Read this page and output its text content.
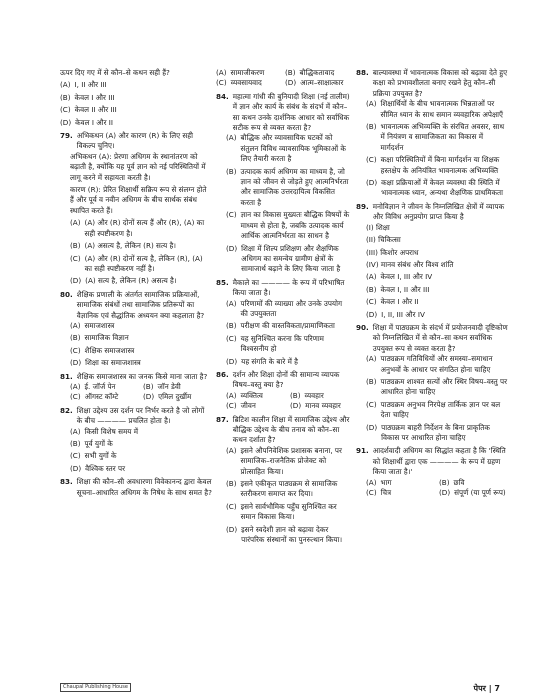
ऊपर दिए गए में से कौन–से कथन सही हैं?
(A) I, II और III
(B) केवल I और III
(C) केवल II और III
(D) केवल I और II
79. अभिकथन (A) और कारण (R) के लिए सही विकल्प चुनिए।
अभिकथन (A): प्रेरणा अधिगम के स्थानांतरण को बढ़ाती है, क्योंकि यह पूर्व ज्ञान को नई परिस्थितियों में लागू करने में सहायता करती है।
कारण (R): प्रेरित शिक्षार्थी सक्रिय रूप से संलग्न होते हैं और पूर्व व नवीन अधिगम के बीच सार्थक संबंध स्थापित करते हैं।
(A) (A) और (R) दोनों सत्य हैं और (R), (A) का सही स्पष्टीकरण है।
(B) (A) असत्य है, लेकिन (R) सत्य है।
(C) (A) और (R) दोनों सत्य है, लेकिन (R), (A) का सही स्पष्टीकरण नहीं है।
(D) (A) सत्य है, लेकिन (R) असत्य है।
80. शैक्षिक प्रणाली के अंतर्गत सामाजिक प्रक्रियाओं, सामाजिक संबंधों तथा सामाजिक प्रतिरूपों का वैज्ञानिक एवं सैद्धांतिक अध्ययन क्या कहलाता है?
(A) समाजशास्त्र
(B) सामाजिक विज्ञान
(C) शैक्षिक समाजशास्त्र
(D) शिक्षा का समाजशास्त्र
81. शैक्षिक समाजशास्त्र का जनक किसे माना जाता है?
(A) ई. जॉर्ज पेन	(B) जॉन डेवी
(C) ऑगस्ट कॉम्टे	(D) एमिल दुर्खीम
82. शिक्षा उद्देश्य उस दर्शन पर निर्भर करते है जो लोगों के बीच ———— प्रचलित होता है।
(A) किसी विशेष समय में
(B) पूर्व युगों के
(C) सभी युगों के
(D) वैश्विक स्तर पर
83. शिक्षा की कौन–सी अवधारणा विवेकानन्द द्वारा केवल सूचना–आधारित अधिगम के निषेध के साथ समत है?
(A) सामाजीकरण	(B) बौद्धिकतावाद
(C) व्यवसायवाद	(D) आत्म–साक्षात्कार
84. महात्मा गांधी की बुनियादी शिक्षा (नई तालीम) में ज्ञान और कार्य के संबंध के संदर्भ में कौन–सा कथन उनके दार्शनिक आधार को सर्वाधिक सटीक रूप से व्यक्त करता है?
(A) बौद्धिक और व्यावसायिक घटकों को संतुलन विविध व्यावसायिक भूमिकाओं के लिए तैयारी करता है
(B) उत्पादक कार्य अधिगम का माध्यम है, जो ज्ञान को जीवन से जोड़ते हुए आत्मनिर्भरता और सामाजिक उत्तरदायित्व विकसित करता है
(C) ज्ञान का विकास मुख्यतः बौद्धिक विषयों के माध्यम से होता है, जबकि उत्पादक कार्य आर्थिक आत्मनिर्भरता का साधन है
(D) शिक्षा में शिल्प प्रशिक्षण और शैक्षणिक अधिगम का समन्वेय ग्रामीण क्षेत्रों के सामाजार्थ बढ़ाने के लिए किया जाता है
85. मैकाले का ———— के रूप में परिभाषित किया जाता है।
(A) परिणामों की व्याख्या और उनके उपयोग की उपयुक्तता
(B) परीक्षण की वास्तविकता/प्रामाणिकता
(C) यह सुनिश्चित करना कि परिणाम विश्वसनीय हो
(D) यह संगति के बारे में है
86. दर्शन और शिक्षा दोनों की सामान्य व्यापक विषय–वस्तु क्या है?
(A) व्यक्तित्व	(B) व्यवहार
(C) जीवन	(D) मानव व्यवहार
87. ब्रिटिश कालीन शिक्षा में सामाजिक उद्देश्य और बौद्धिक उद्देश्य के बीच तनाव को कौन–सा कथन दर्शाता है?
(A) इसने औपनिवेशिक प्रशासक बनाना, पर सामाजिक–राजनैतिक प्रोजेक्ट को प्रोत्साहित किया।
(B) इसने एकीकृत पाठ्यक्रम से सामाजिक स्तरीकरण समाप्त कर दिया।
(C) इसने सार्वभौमिक पहुँच सुनिश्चित कर समान विकास किया।
(D) इसने स्वदेशी ज्ञान को बढ़ावा देकर पारंपरिक संस्थानों का पुनरुत्थान किया।
88. बाल्यावस्था में भावनात्मक विकास को बढ़ावा देते हुए कक्षा को प्रभावशीलता बनाए रखने हेतु कौन–सी प्रक्रिया उपयुक्त है?
(A) शिक्षार्थियों के बीच भावनात्मक भिन्नताओं पर सीमित ध्यान के साथ समान व्यवहारिक अपेक्षाएँ
(B) भावनात्मक अभिव्यक्ति के संरचित अवसर, साथ में नियंत्रण व सामाजिकता का विकास में मार्गदर्शन
(C) कक्षा परिस्थितियों में बिना मार्गदर्शन या शिक्षक हस्तक्षेप के अनियंत्रित भावनात्मक अभिव्यक्ति
(D) कक्षा प्रक्रियाओं में केवल व्यवस्था की स्थिति में भावनात्मक ध्यान, अन्यथा शैक्षणिक प्राथमिकता
89. मनोविज्ञान ने जीवन के निम्नलिखित क्षेत्रों में व्यापक और विविध अनुप्रयोग प्राप्त किया है
(I) शिक्षा
(II) चिकित्सा
(III) किशोर अपराध
(IV) मानव संबंध और विश्व शांति
(A) केवल I, III और IV
(B) केवल I, II और III
(C) केवल I और II
(D) I, II, III और IV
90. शिक्षा में पाठ्यक्रम के संदर्भ में प्रयोजनवादी दृष्टिकोण को निम्नलिखित में से कौन–सा कथन सर्वाधिक उपयुक्त रूप से व्यक्त करता है?
(A) पाठ्यक्रम गतिविधियों और समस्या–समाधान अनुभवों के आधार पर संगठित होना चाहिए
(B) पाठ्यक्रम शाश्वत सत्यों और स्थिर विषय–वस्तु पर आधारित होना चाहिए
(C) पाठ्यक्रम अनुभव निरपेक्ष तार्किक ज्ञान पर बल देता चाहिए
(D) पाठ्यक्रम बाहरी निर्देशन के बिना प्राकृतिक विकास पर आधारित होना चाहिए
91. आदर्शवादी अधिगम का सिद्धांत कहता है कि 'स्थिति को शिक्षार्थी द्वारा एक ———— के रूप में ग्रहण किया जाता है।'
(A) भाग	(B) छवि
(C) चित्र	(D) संपूर्ण (या पूर्ण रूप)
Chaupal Publishing House	पेपर | 7
